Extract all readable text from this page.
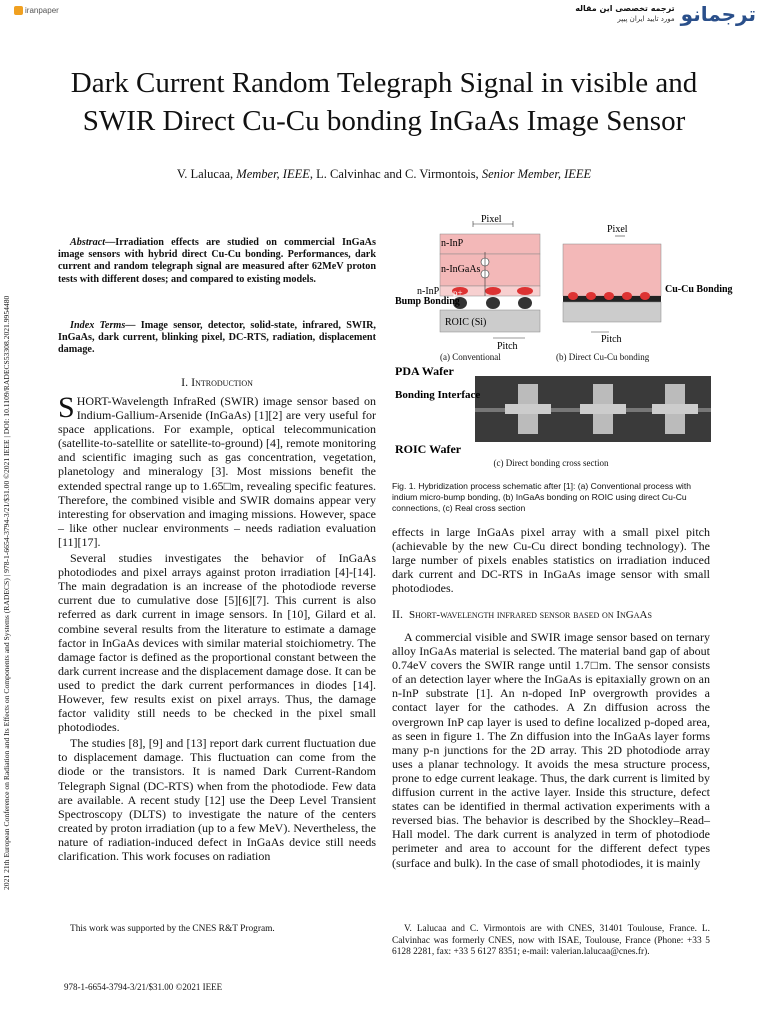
iranpaper	ترجمه تخصصی این مقاله
مورد تایید ایران پیپر ترجمانو
2021 21th European Conference on Radiation and Its Effects on Components and Systems (RADECS) | 978-1-6654-3794-3/21/$31.00 ©2021 IEEE | DOI: 10.1109/RADECS53308.2021.9954480
Dark Current Random Telegraph Signal in visible and SWIR Direct Cu-Cu bonding InGaAs Image Sensor
V. Lalucaa, Member, IEEE, L. Calvinhac and C. Virmontois, Senior Member, IEEE
Abstract—Irradiation effects are studied on commercial InGaAs image sensors with hybrid direct Cu-Cu bonding. Performances, dark current and random telegraph signal are measured after 62MeV proton tests with different doses; and compared to existing models.
Index Terms— Image sensor, detector, solid-state, infrared, SWIR, InGaAs, dark current, blinking pixel, DC-RTS, radiation, displacement damage.
I. Introduction

SHORT-Wavelength InfraRed (SWIR) image sensor based on Indium-Gallium-Arsenide (InGaAs) [1][2] are very useful for space applications. For example, optical telecommunication (satellite-to-satellite or satellite-to-ground) [4], remote monitoring and scientific imaging such as gas concentration, vegetation, planetology and mineralogy [3]. Most missions benefit the extended spectral range up to 1.65□m, revealing specific features. Therefore, the combined visible and SWIR domains appear very interesting for observation and imaging missions. However, space – like other nuclear environments – needs radiation evaluation [11][17].

Several studies investigates the behavior of InGaAs photodiodes and pixel arrays against proton irradiation [4]-[14]. The main degradation is an increase of the photodiode reverse current due to cumulative dose [5][6][7]. This current is also referred as dark current in image sensors. In [10], Gilard et al. combine several results from the literature to estimate a damage factor in InGaAs devices with similar material stoichiometry. The damage factor is defined as the proportional constant between the dark current increase and the displacement damage dose. It can be used to predict the dark current performances in diodes [14]. However, few results exist on pixel arrays. Thus, the damage factor validity still needs to be checked in the pixel small photodiodes.

The studies [8], [9] and [13] report dark current fluctuation due to displacement damage. This fluctuation can come from the diode or the transistors. It is named Dark Current-Random Telegraph Signal (DC-RTS) when from the photodiode. Few data are available. A recent study [12] use the Deep Level Transient Spectroscopy (DLTS) to investigate the nature of the centers created by proton irradiation (up to a few MeV). Nevertheless, the nature of radiation-induced defect in InGaAs device still needs clarification. This work focuses on radiation

Pixel
n-InP
n-InGaAs
n-InP p+
Bump Bonding
ROIC (Si)
Pitch
Pixel
Cu-Cu Bonding
Pitch
PDA Wafer
Bonding Interface
ROIC Wafer
(a) Conventional	(b) Direct Cu-Cu bonding
(c) Direct bonding cross section
Fig. 1. Hybridization process schematic after [1]: (a) Conventional process with indium micro-bump bonding, (b) InGaAs bonding on ROIC using direct Cu-Cu connections, (c) Real cross section

effects in large InGaAs pixel array with a small pixel pitch (achievable by the new Cu-Cu direct bonding technology). The large number of pixels enables statistics on irradiation induced dark current and DC-RTS in InGaAs image sensor with small photodiodes.

II. Short-wavelength infrared sensor based on InGaAs

A commercial visible and SWIR image sensor based on ternary alloy InGaAs material is selected. The material band gap of about 0.74eV covers the SWIR range until 1.7□m. The sensor consists of an detection layer where the InGaAs is epitaxially grown on an n-InP substrate [1]. An n-doped InP overgrowth provides a contact layer for the cathodes. A Zn diffusion across the overgrown InP cap layer is used to define localized p-doped area, as seen in figure 1. The Zn diffusion into the InGaAs layer forms many p-n junctions for the 2D array. This 2D photodiode array uses a planar technology. It avoids the mesa structure process, prone to edge current leakage. Thus, the dark current is limited by diffusion current in the active layer. Inside this structure, defect states can be identified in thermal activation experiments with a reversed bias. The behavior is described by the Shockley–Read–Hall model. The dark current is analyzed in term of photodiode perimeter and area to account for the different defect types (surface and bulk). In the case of small photodiodes, it is mainly

This work was supported by the CNES R&T Program.	V. Lalucaa and C. Virmontois are with CNES, 31401 Toulouse, France. L. Calvinhac was formerly CNES, now with ISAE, Toulouse, France (Phone: +33 5 6128 2281, fax: +33 5 6127 8351; e-mail: valerian.lalucaa@cnes.fr).
978-1-6654-3794-3/21/$31.00 ©2021 IEEE
